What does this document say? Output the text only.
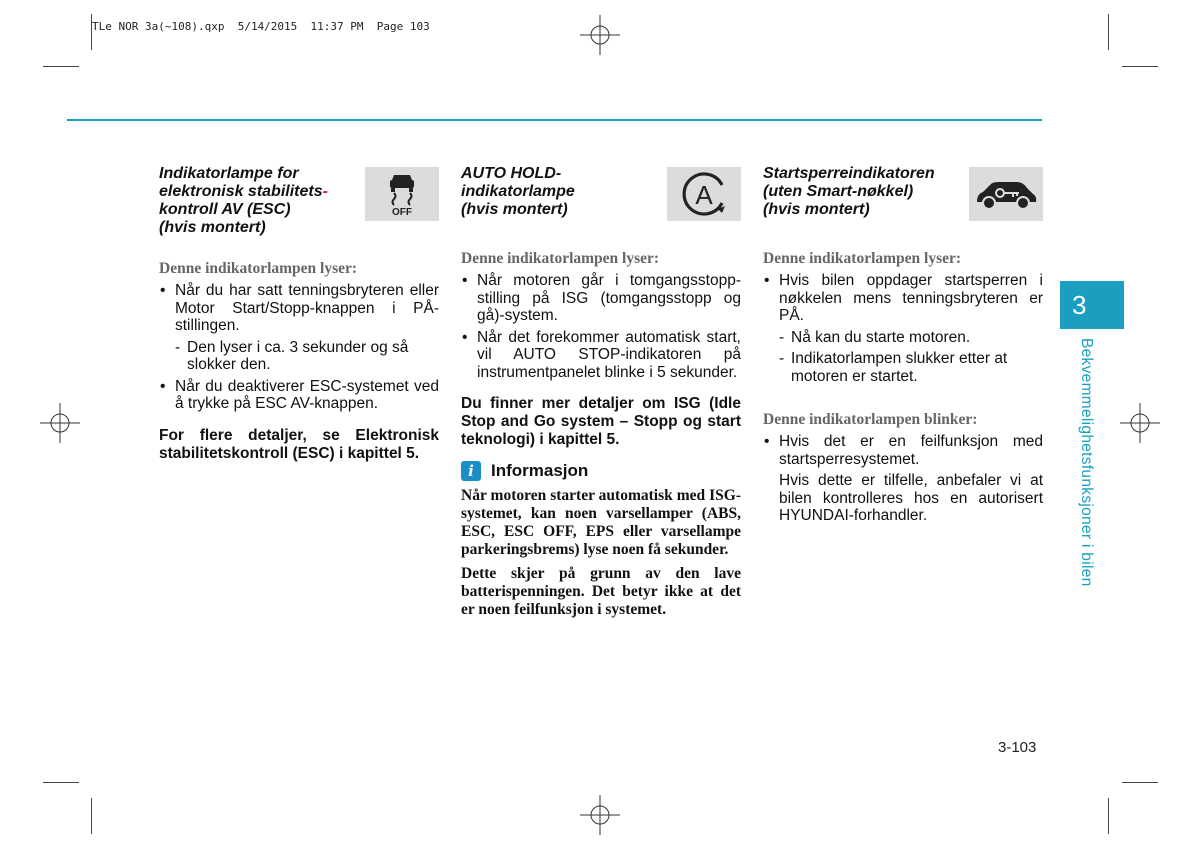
TLe NOR 3a(~108).qxp  5/14/2015  11:37 PM  Page 103
Indikatorlampe for
elektronisk stabilitets-
kontroll AV (ESC)
(hvis montert)
OFF
Denne indikatorlampen lyser:
• Når du har satt tenningsbryteren eller Motor Start/Stopp-knappen i PÅ- stillingen.
- Den lyser i ca. 3 sekunder og så slokker den.
• Når du deaktiverer ESC-systemet ved å trykke på ESC AV-knappen.
For flere detaljer, se Elektronisk stabilitetskontroll (ESC) i kapittel 5.
AUTO HOLD-
indikatorlampe
(hvis montert)	A
Denne indikatorlampen lyser:
• Når motoren går i tomgangsstopp-stilling på ISG (tomgangsstopp og gå)-system.
• Når det forekommer automatisk start, vil AUTO STOP-indikatoren på instrumentpanelet blinke i 5 sekunder.
Du finner mer detaljer om ISG (Idle Stop and Go system – Stopp og start teknologi) i kapittel 5.
i	Informasjon
Når motoren starter automatisk med ISG-systemet, kan noen varsellamper (ABS, ESC, ESC OFF, EPS eller varsellampe parkeringsbrems) lyse noen få sekunder.
Dette skjer på grunn av den lave batterispenningen. Det betyr ikke at det er noen feilfunksjon i systemet.
Startsperreindikatoren
(uten Smart-nøkkel)
(hvis montert)
Denne indikatorlampen lyser:
• Hvis bilen oppdager startsperren i nøkkelen mens tenningsbryteren er PÅ.
- Nå kan du starte motoren.
- Indikatorlampen slukker etter at motoren er startet.
Denne indikatorlampen blinker:
• Hvis det er en feilfunksjon med startsperresystemet.
Hvis dette er tilfelle, anbefaler vi at bilen kontrolleres hos en autorisert HYUNDAI-forhandler.
3
Bekvemmelighetsfunksjoner i bilen
3-103
